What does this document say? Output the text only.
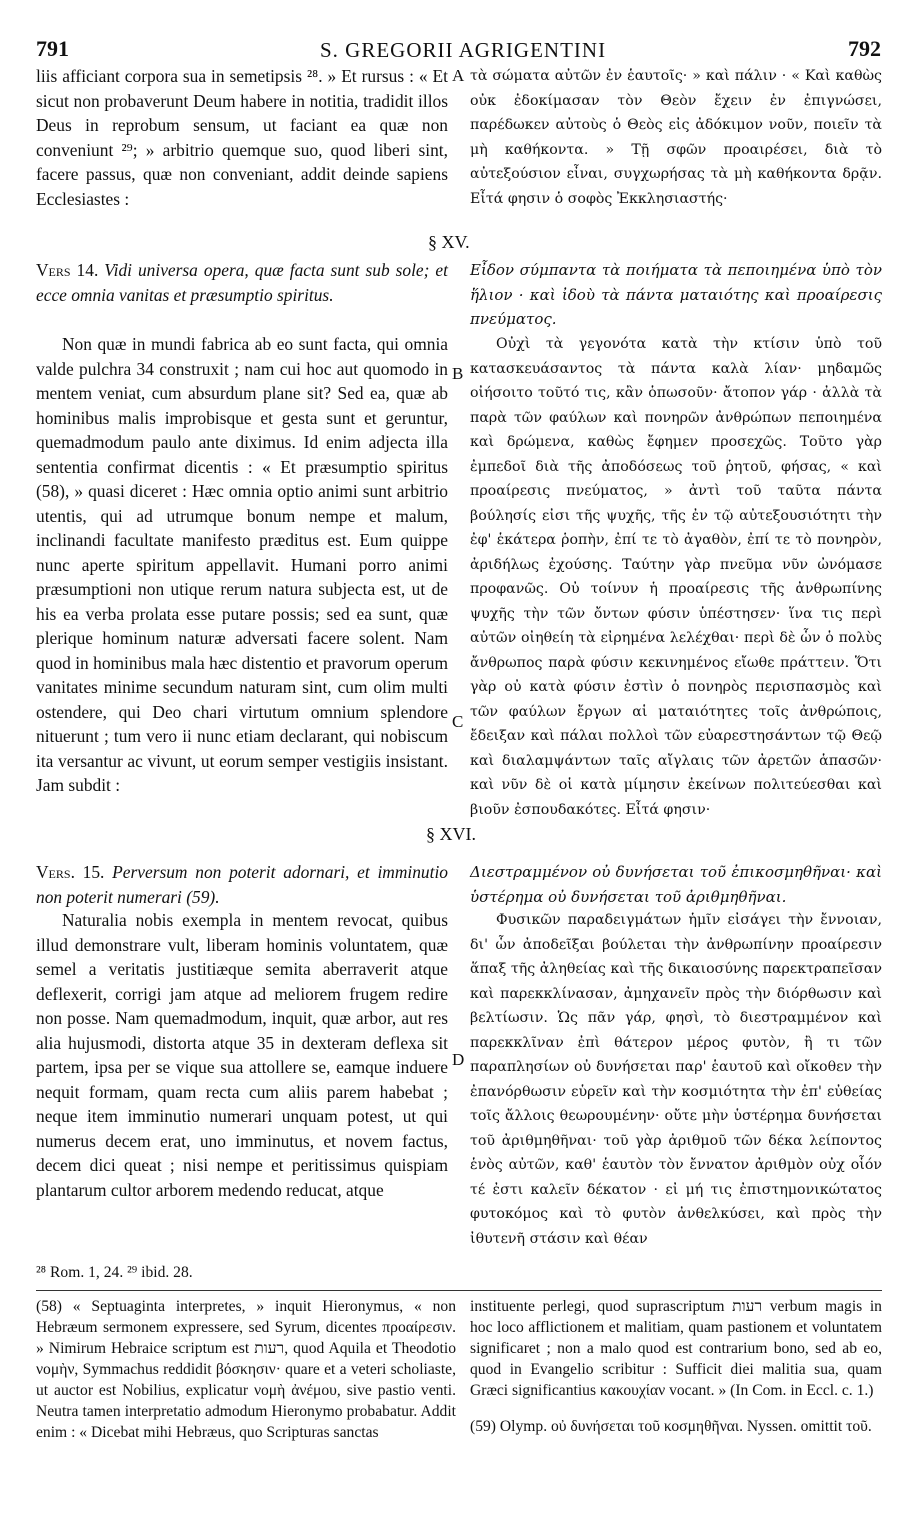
791	S. GREGORII AGRIGENTINI	792
liis afficiant corpora sua in semetipsis ²⁸. » Et rursus : « Et sicut non probaverunt Deum habere in notitia, tradidit illos Deus in reprobum sensum, ut faciant ea quæ non conveniunt ²⁹; » arbitrio quemque suo, quod liberi sint, facere passus, quæ non conveniant, addit deinde sapiens Ecclesiastes :
τὰ σώματα αὐτῶν ἐν ἑαυτοῖς· » καὶ πάλιν · « Καὶ καθὼς οὐκ ἐδοκίμασαν τὸν Θεὸν ἔχειν ἐν ἐπιγνώσει, παρέδωκεν αὐτοὺς ὁ Θεὸς εἰς ἀδόκιμον νοῦν, ποιεῖν τὰ μὴ καθήκοντα. » Τῇ σφῶν προαιρέσει, διὰ τὸ αὐτεξούσιον εἶναι, συγχωρήσας τὰ μὴ καθήκοντα δρᾷν. Εἶτά φησιν ὁ σοφὸς Ἐκκλησιαστής·
§ XV.
Vers 14. Vidi universa opera, quæ facta sunt sub sole; et ecce omnia vanitas et præsumptio spiritus.
Εἶδον σύμπαντα τὰ ποιήματα τὰ πεποιημένα ὑπὸ τὸν ἥλιον · καὶ ἰδοὺ τὰ πάντα ματαιότης καὶ προαίρεσις πνεύματος.
Non quæ in mundi fabrica ab eo sunt facta, qui omnia valde pulchra 34 construxit ; nam cui hoc aut quomodo in mentem veniat, cum absurdum plane sit? Sed ea, quæ ab hominibus malis improbisque et gesta sunt et geruntur, quemadmodum paulo ante diximus. Id enim adjecta illa sententia confirmat dicentis : « Et præsumptio spiritus (58), » quasi diceret : Hæc omnia optio animi sunt arbitrio utentis, qui ad utrumque bonum nempe et malum, inclinandi facultate manifesto præditus est. Eum quippe nunc aperte spiritum appellavit. Humani porro animi præsumptioni non utique rerum natura subjecta est, ut de his ea verba prolata esse putare possis; sed ea sunt, quæ plerique hominum naturæ adversati facere solent. Nam quod in hominibus mala hæc distentio et pravorum operum vanitates minime secundum naturam sint, cum olim multi ostendere, qui Deo chari virtutum omnium splendore nituerunt ; tum vero ii nunc etiam declarant, qui nobiscum ita versantur ac vivunt, ut eorum semper vestigiis insistant. Jam subdit :
Οὐχὶ τὰ γεγονότα κατὰ τὴν κτίσιν ὑπὸ τοῦ κατασκευάσαντος τὰ πάντα καλὰ λίαν· μηδαμῶς οἰήσοιτο τοῦτό τις, κἂν ὁπωσοῦν· ἄτοπον γάρ · ἀλλὰ τὰ παρὰ τῶν φαύλων καὶ πονηρῶν ἀνθρώπων πεποιημένα καὶ δρώμενα, καθὼς ἔφημεν προσεχῶς. Τοῦτο γὰρ ἐμπεδοῖ διὰ τῆς ἀποδόσεως τοῦ ῥητοῦ, φήσας, « καὶ προαίρεσις πνεύματος, » ἀντὶ τοῦ ταῦτα πάντα βούλησίς εἰσι τῆς ψυχῆς, τῆς ἐν τῷ αὐτεξουσιότητι τὴν ἐφ' ἑκάτερα ῥοπὴν, ἐπί τε τὸ ἀγαθὸν, ἐπί τε τὸ πονηρὸν, ἀριδήλως ἐχούσης. Ταύτην γὰρ πνεῦμα νῦν ὠνόμασε προφανῶς. Οὐ τοίνυν ἡ προαίρεσις τῆς ἀνθρωπίνης ψυχῆς τὴν τῶν ὄντων φύσιν ὑπέστησεν· ἵνα τις περὶ αὐτῶν οἰηθείη τὰ εἰρημένα λελέχθαι· περὶ δὲ ὧν ὁ πολὺς ἄνθρωπος παρὰ φύσιν κεκινημένος εἴωθε πράττειν. Ὅτι γὰρ οὐ κατὰ φύσιν ἐστὶν ὁ πονηρὸς περισπασμὸς καὶ τῶν φαύλων ἔργων αἱ ματαιότητες τοῖς ἀνθρώποις, ἔδειξαν καὶ πάλαι πολλοὶ τῶν εὐαρεστησάντων τῷ Θεῷ καὶ διαλαμψάντων ταῖς αἴγλαις τῶν ἀρετῶν ἁπασῶν· καὶ νῦν δὲ οἱ κατὰ μίμησιν ἐκείνων πολιτεύεσθαι καὶ βιοῦν ἐσπουδακότες. Εἶτά φησιν·
§ XVI.
Vers. 15. Perversum non poterit adornari, et imminutio non poterit numerari (59).
Διεστραμμένον οὐ δυνήσεται τοῦ ἐπικοσμηθῆναι· καὶ ὑστέρημα οὐ δυνήσεται τοῦ ἀριθμηθῆναι.
Naturalia nobis exempla in mentem revocat, quibus illud demonstrare vult, liberam hominis voluntatem, quæ semel a veritatis justitiæque semita aberraverit atque deflexerit, corrigi jam atque ad meliorem frugem redire non posse. Nam quemadmodum, inquit, quæ arbor, aut res alia hujusmodi, distorta atque 35 in dexteram deflexa sit partem, ipsa per se vique sua attollere se, eamque induere nequit formam, quam recta cum aliis parem habebat ; neque item imminutio numerari unquam potest, ut qui numerus decem erat, uno imminutus, et novem factus, decem dici queat ; nisi nempe et peritissimus quispiam plantarum cultor arborem medendo reducat, atque
Φυσικῶν παραδειγμάτων ἡμῖν εἰσάγει τὴν ἔννοιαν, δι' ὧν ἀποδεῖξαι βούλεται τὴν ἀνθρωπίνην προαίρεσιν ἅπαξ τῆς ἀληθείας καὶ τῆς δικαιοσύνης παρεκτραπεῖσαν καὶ παρεκκλίνασαν, ἀμηχανεῖν πρὸς τὴν διόρθωσιν καὶ βελτίωσιν. Ὡς πᾶν γάρ, φησὶ, τὸ διεστραμμένον καὶ παρεκκλῖναν ἐπὶ θάτερον μέρος φυτὸν, ἢ τι τῶν παραπλησίων οὐ δυνήσεται παρ' ἑαυτοῦ καὶ οἴκοθεν τὴν ἐπανόρθωσιν εὑρεῖν καὶ τὴν κοσμιότητα τὴν ἐπ' εὐθείας τοῖς ἄλλοις θεωρουμένην· οὔτε μὴν ὑστέρημα δυνήσεται τοῦ ἀριθμηθῆναι· τοῦ γὰρ ἀριθμοῦ τῶν δέκα λείποντος ἑνὸς αὐτῶν, καθ' ἑαυτὸν τὸν ἔννατον ἀριθμὸν οὐχ οἷόν τέ ἐστι καλεῖν δέκατον · εἰ μή τις ἐπιστημονικώτατος φυτοκόμος καὶ τὸ φυτὸν ἀνθελκύσει, καὶ πρὸς τὴν ἰθυτενῆ στάσιν καὶ θέαν
A
B
C
D
²⁸ Rom. 1, 24. ²⁹ ibid. 28.
(58) « Septuaginta interpretes, » inquit Hieronymus, « non Hebræum sermonem expressere, sed Syrum, dicentes προαίρεσιν. » Nimirum Hebraice scriptum est רעות, quod Aquila et Theodotio νομὴν, Symmachus reddidit βόσκησιν· quare et a veteri scholiaste, ut auctor est Nobilius, explicatur νομὴ ἀνέμου, sive pastio venti. Neutra tamen interpretatio admodum Hieronymo probabatur. Addit enim : « Dicebat mihi Hebræus, quo Scripturas sanctas
instituente perlegi, quod suprascriptum רעות verbum magis in hoc loco afflictionem et malitiam, quam pastionem et voluntatem significaret ; non a malo quod est contrarium bono, sed ab eo, quod in Evangelio scribitur : Sufficit diei malitia sua, quam Græci significantius κακουχίαν vocant. » (In Com. in Eccl. c. 1.)
(59) Olymp. οὐ δυνήσεται τοῦ κοσμηθῆναι. Nyssen. omittit τοῦ.
